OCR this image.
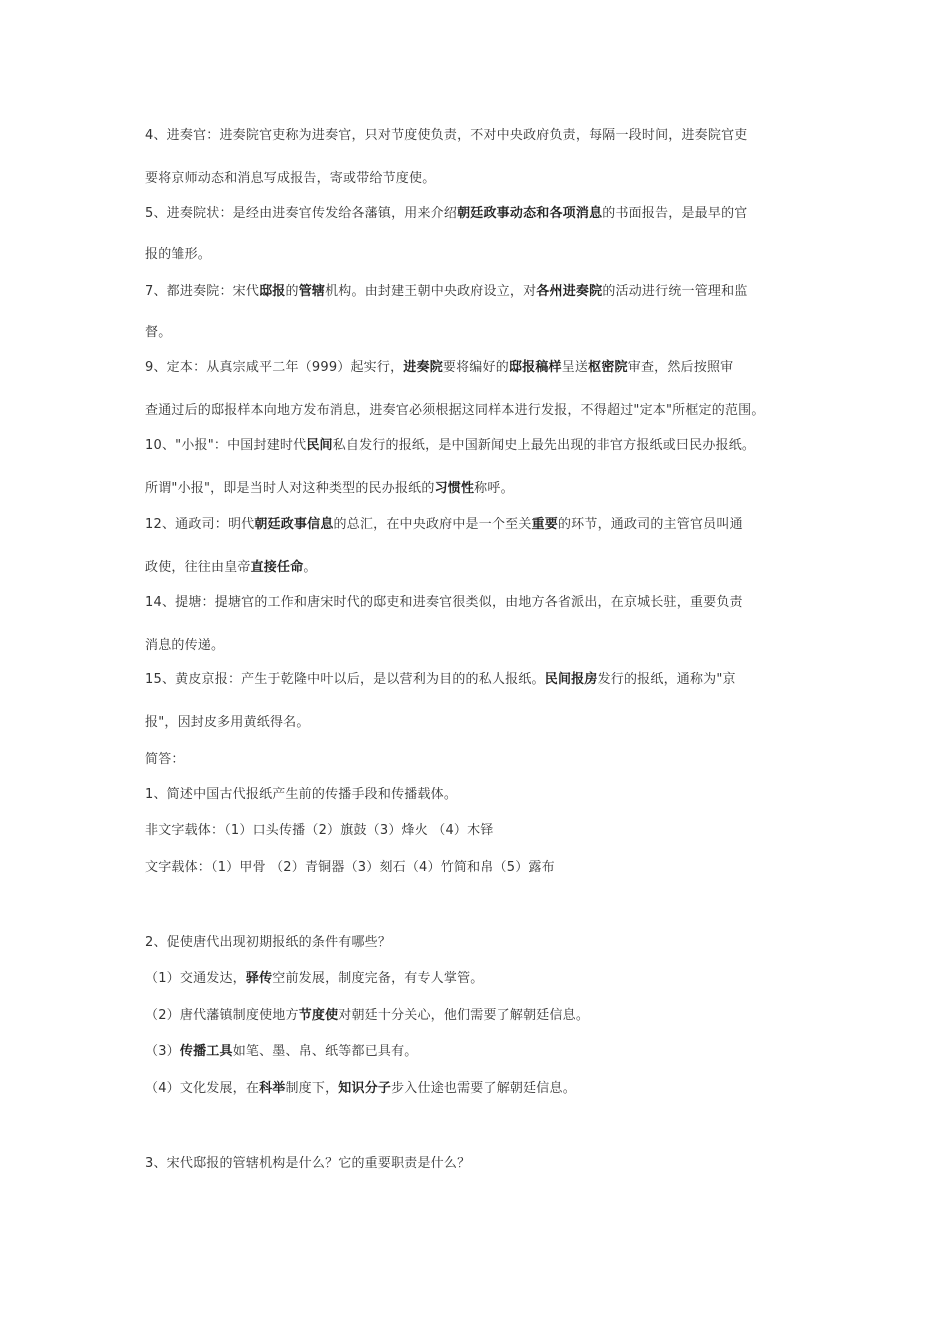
4、进奏官：进奏院官吏称为进奏官，只对节度使负责，不对中央政府负责，每隔一段时间，进奏院官吏
要将京师动态和消息写成报告，寄或带给节度使。
5、进奏院状：是经由进奏官传发给各藩镇，用来介绍朝廷政事动态和各项消息的书面报告，是最早的官
报的雏形。
7、都进奏院：宋代邸报的管辖机构。由封建王朝中央政府设立，对各州进奏院的活动进行统一管理和监
督。
9、定本：从真宗咸平二年（999）起实行，进奏院要将编好的邸报稿样呈送枢密院审查，然后按照审
查通过后的邸报样本向地方发布消息，进奏官必须根据这同样本进行发报，不得超过"定本"所框定的范围。
10、"小报"：中国封建时代民间私自发行的报纸，是中国新闻史上最先出现的非官方报纸或曰民办报纸。
所谓"小报"，即是当时人对这种类型的民办报纸的习惯性称呼。
12、通政司：明代朝廷政事信息的总汇，在中央政府中是一个至关重要的环节，通政司的主管官员叫通
政使，往往由皇帝直接任命。
14、提塘：提塘官的工作和唐宋时代的邸吏和进奏官很类似，由地方各省派出，在京城长驻，重要负责
消息的传递。
15、黄皮京报：产生于乾隆中叶以后，是以营利为目的的私人报纸。民间报房发行的报纸，通称为"京
报"，因封皮多用黄纸得名。
简答：
1、简述中国古代报纸产生前的传播手段和传播载体。
非文字载体：（1）口头传播（2）旗鼓（3）烽火 （4）木铎
文字载体：（1）甲骨 （2）青铜器（3）刻石（4）竹简和帛（5）露布
2、促使唐代出现初期报纸的条件有哪些？
（1）交通发达，驿传空前发展，制度完备，有专人掌管。
（2）唐代藩镇制度使地方节度使对朝廷十分关心，他们需要了解朝廷信息。
（3）传播工具如笔、墨、帛、纸等都已具有。
（4）文化发展，在科举制度下，知识分子步入仕途也需要了解朝廷信息。
3、宋代邸报的管辖机构是什么？它的重要职责是什么？
